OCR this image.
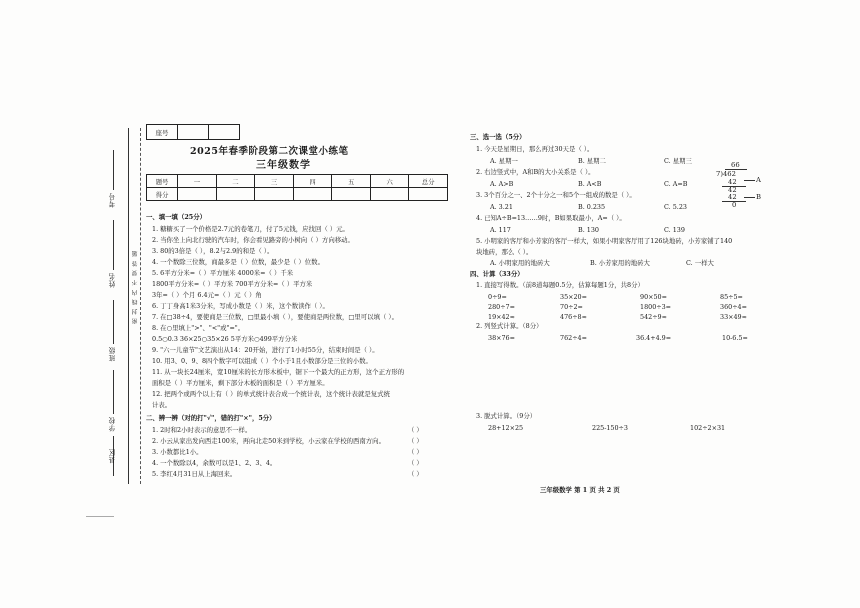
座号		
2025年春季阶段第二次课堂小练笔
三年级数学
题号	一	二	三	四	五	六	总分
得分							
密 封 线 内 不 要 答 题
考号
姓名
班级
学校
县区
一、填一填（25分）
1. 糖糖买了一个价格是2.7元的卷笔刀，付了5元钱，应找回（ ）元。
2. 当你坐上向北行驶的汽车时，你会看见路旁的小树向（ ）方向移动。
3. 80的3倍是（ ），8.2与2.9的和是（ ）。
4. 一个数除三位数，商最多是（ ）位数，最少是（ ）位数。
5. 6平方分米=（ ）平方厘米 4000米=（ ）千米
1800平方分米=（ ）平方米 700平方分米=（ ）平方米
3年=（ ）个月 6.4元=（ ）元（ ）角
6. 丁丁身高1米3分米，写成小数是（ ）米，这个数读作（ ）。
7. 在□38÷4，要使商是三位数，□里最小填（ ），要使商是两位数，□里可以填（ ）。
8. 在○里填上">"、"<"或"="。
0.5○0.3 36×25○35×26 5平方米○499平方分米
9. "六一儿童节"文艺演出从14：20开始，进行了1小时55分，结束时间是（ ）。
10. 用3、0、9、8四个数字可以组成（ ）个小于1且小数部分是三位的小数。
11. 从一块长24厘米，宽10厘米的长方形木板中，锯下一个最大的正方形，这个正方形的
面积是（ ）平方厘米，剩下部分木板的面积是（ ）平方厘米。
12. 把两个或两个以上有（ ）的单式统计表合成一个统计表，这个统计表就是复式统
计表。
二、辨一辨（对的打"√"，错的打"×"，5分）
1. 2时和2小时表示的意思不一样。	（ ）
2. 小云从家出发向西走100米，再向北走50米到学校，小云家在学校的西南方向。	（ ）
3. 小数都比1小。	（ ）
4. 一个数除以4，余数可以是1、2、3、4。	（ ）
5. 李红4月31日从上海回来。	（ ）
三、选一选（5分）
1. 今天是星期日，那么再过30天是（ ）。
A. 星期一	B. 星期二	C. 星期三
2. 右边竖式中，A和B的大小关系是（ ）。
A. A>B	B. A<B	C. A=B
3. 3个百分之一、2个十分之一和5个一组成的数是（ ）。
A. 3.21	B. 0.235	C. 5.23
4. 已知A÷B=13……9时，B如果取最小，A=（ ）。
A. 117	B. 130	C. 139
5. 小明家的客厅和小芳家的客厅一样大，如果小明家客厅用了126块地砖，小芳家铺了140
块地砖，那么（ ）。
A. 小明家用的地砖大	B. 小芳家用的地砖大	C. 一样大
66
7)462
42
42
42
0
A
B
四、计算（33分）
1. 直接写得数。（前8道每题0.5分，估算每题1分，共8分）
0÷9=	35×20=	90×50=	85÷5=
280÷7=	70÷2=	1800÷3=	360÷4=
19×42≈	476÷8≈	542÷9≈	33×49≈
2. 列竖式计算。（8分）
38×76=	762÷4=	36.4+4.9=	10-6.5=
3. 脱式计算。（9分）
28+12×25	225-150÷3	102÷2×31
三年级数学 第 1 页 共 2 页
